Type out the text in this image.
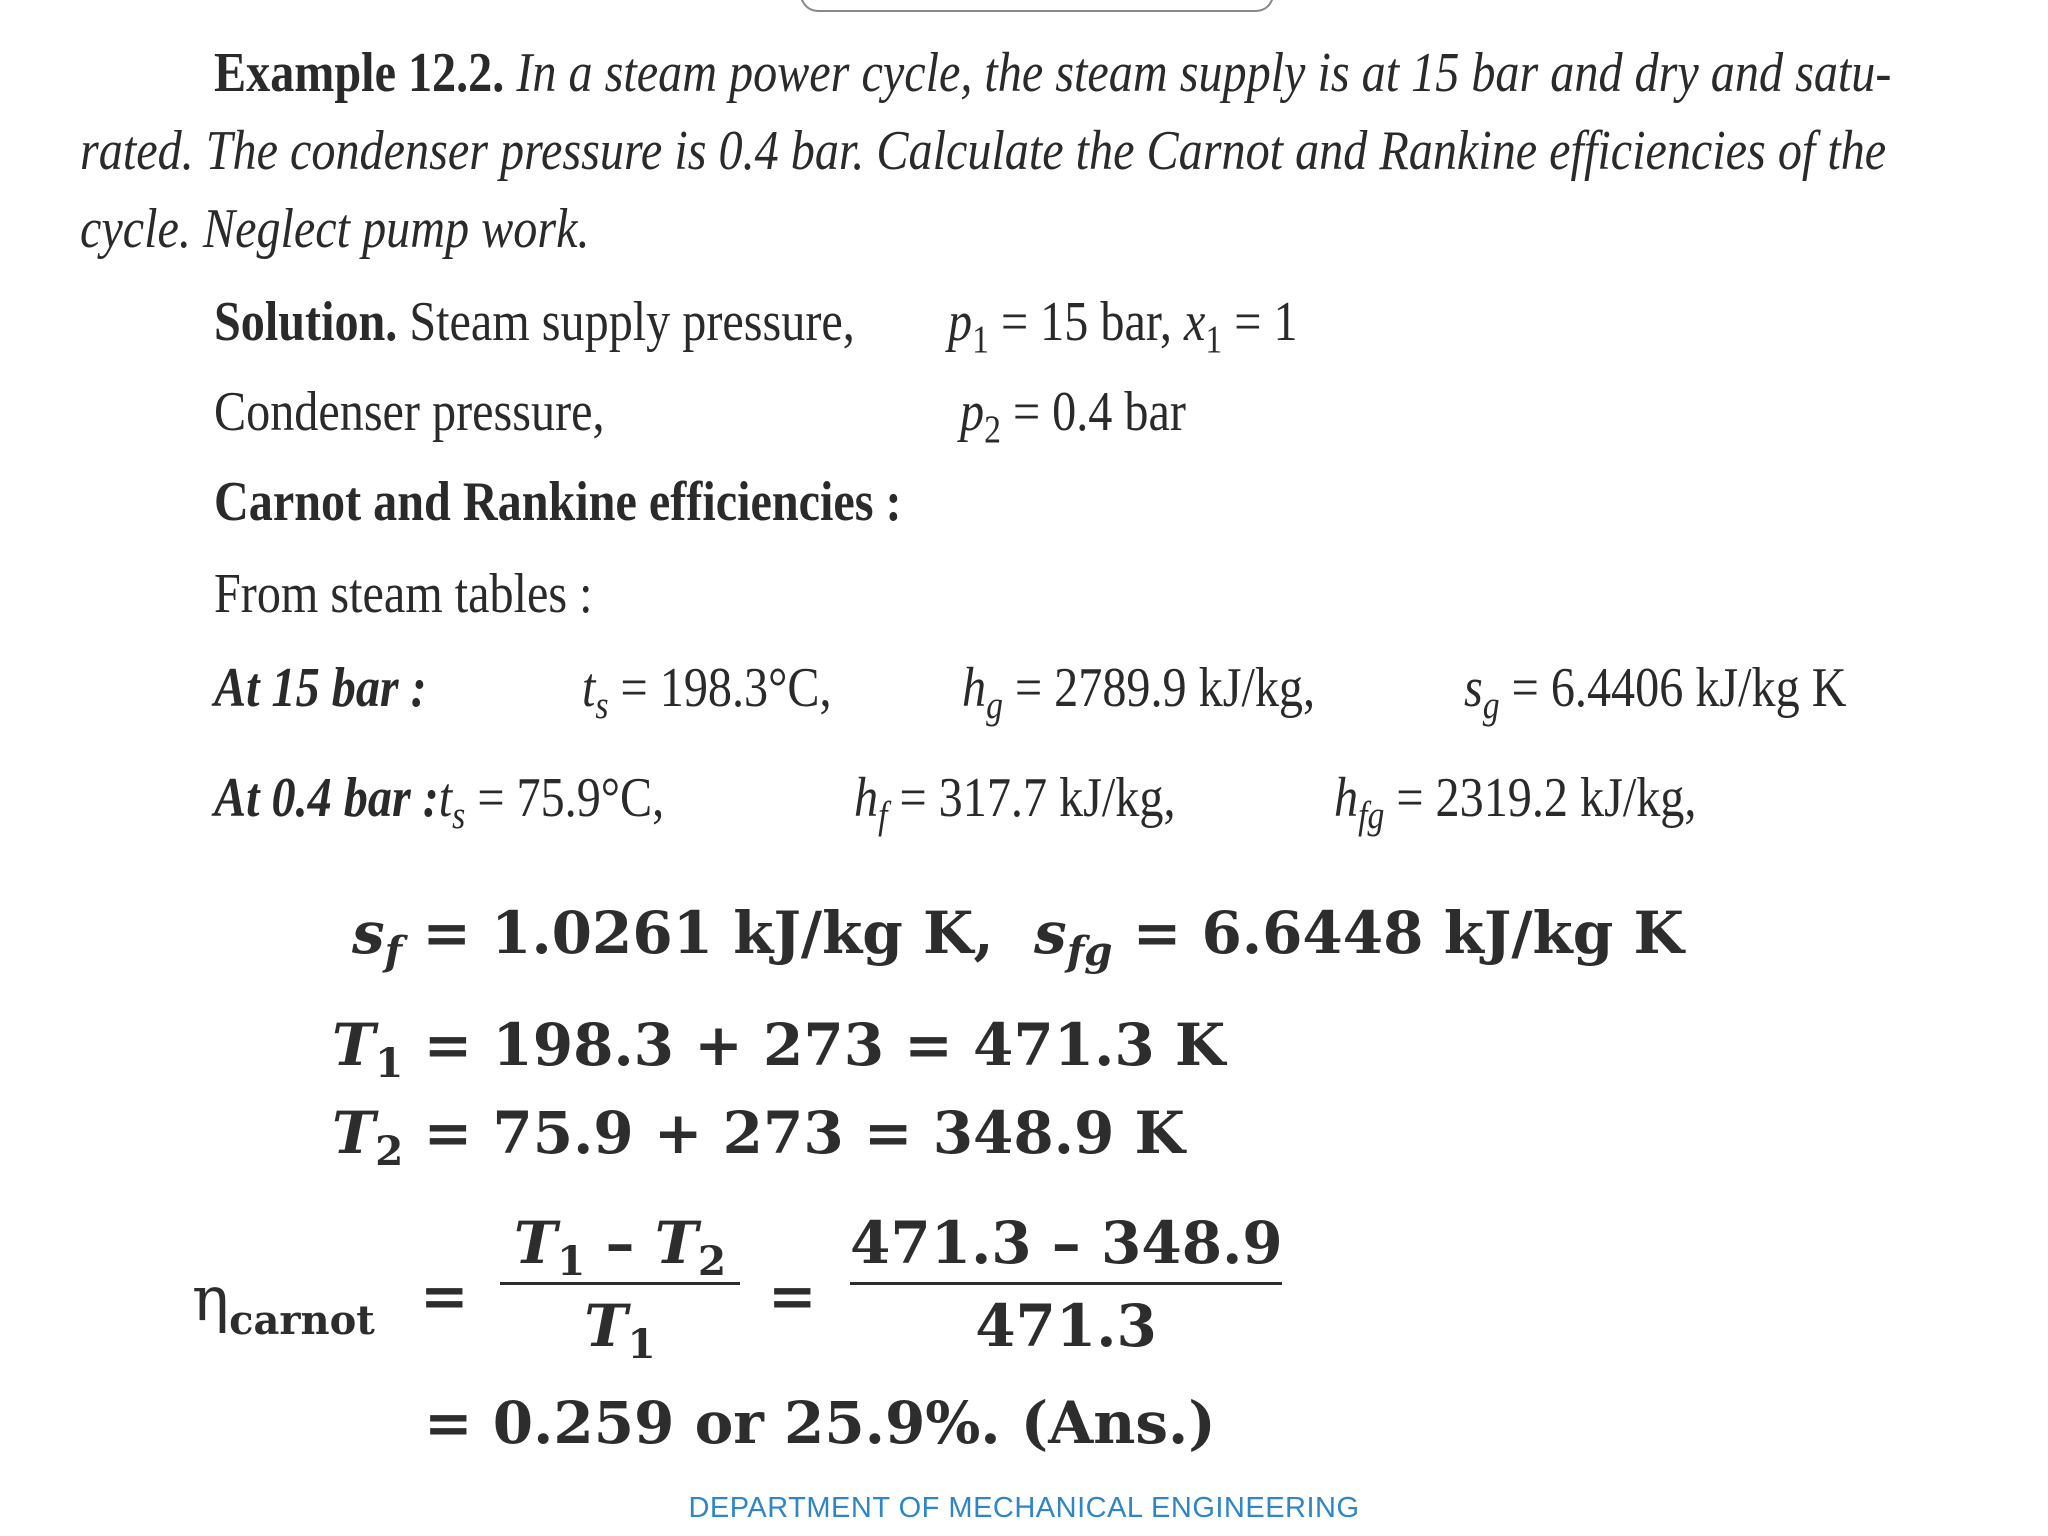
Example 12.2. In a steam power cycle, the steam supply is at 15 bar and dry and satu-
rated. The condenser pressure is 0.4 bar. Calculate the Carnot and Rankine efficiencies of the
cycle. Neglect pump work.
Solution. Steam supply pressure, $p_1 = 15$ bar, $x_1 = 1$
Condenser pressure,	$p_2 = 0.4$ bar
Carnot and Rankine efficiencies :
From steam tables :
At 15 bar :	$t_s = 198.3^\circ C$, $h_g = 2789.9$ kJ/kg,	$s_g = 6.4406$ kJ/kg K
At 0.4 bar $:t_s = 75.9^\circ C$,	$h_f = 317.7$ kJ/kg,	$h_{fg} = 2319.2$ kJ/kg,
$s_f = 1.0261$ kJ/kg K, $s_{fg} = 6.6448$ kJ/kg K
$T_1 = 198.3 + 273 = 471.3$ K
$T_2 = 75.9 + 273 = 348.9$ K
$\eta_{carnot}$ =
$T_1 - T_2$
$T_1$
=
471.3 – 348.9
471.3
= 0.259 or 25.9%. (Ans.)
DEPARTMENT OF MECHANICAL ENGINEERING
